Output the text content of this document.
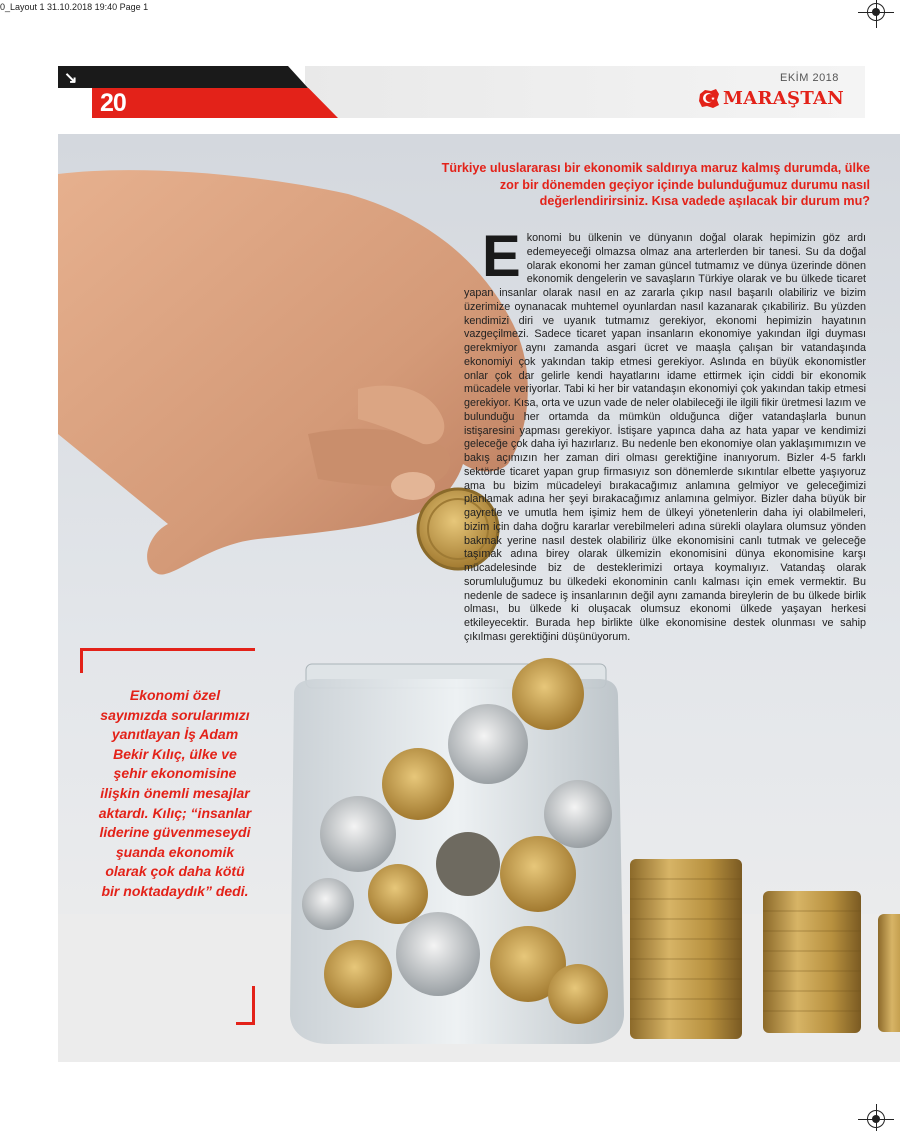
0_Layout 1 31.10.2018 19:40 Page 1
↘
20
EKİM 2018
MARAŞTAN
Türkiye uluslararası bir ekonomik saldırıya maruz kalmış durumda, ülke zor bir dönemden geçiyor içinde bulunduğumuz durumu nasıl değerlendirirsiniz. Kısa vadede aşılacak bir durum mu?
Ekonomi bu ülkenin ve dünyanın doğal olarak hepimizin göz ardı edemeyeceği olmazsa olmaz ana arterlerden bir tanesi. Su da doğal olarak ekonomi her zaman güncel tutmamız ve dünya üzerinde dönen ekonomik dengelerin ve savaşların Türkiye olarak ve bu ülkede ticaret yapan insanlar olarak nasıl en az zararla çıkıp nasıl başarılı olabiliriz ve bizim üzerimize oynanacak muhtemel oyunlardan nasıl kazanarak çıkabiliriz. Bu yüzden kendimizi diri ve uyanık tutmamız gerekiyor, ekonomi hepimizin hayatının vazgeçilmezi. Sadece ticaret yapan insanların ekonomiye yakından ilgi duyması gerekmiyor aynı zamanda asgari ücret ve maaşla çalışan bir vatandaşında ekonomiyi çok yakından takip etmesi gerekiyor. Aslında en büyük ekonomistler onlar çok dar gelirle kendi hayatlarını idame ettirmek için ciddi bir ekonomik mücadele veriyorlar. Tabi ki her bir vatandaşın ekonomiyi çok yakından takip etmesi gerekiyor. Kısa, orta ve uzun vade de neler olabileceği ile ilgili fikir üretmesi lazım ve bulunduğu her ortamda da mümkün olduğunca diğer vatandaşlarla bunun istişaresini yapması gerekiyor. İstişare yapınca daha az hata yapar ve kendimizi geleceğe çok daha iyi hazırlarız. Bu nedenle ben ekonomiye olan yaklaşımımızın ve bakış açımızın her zaman diri olması gerektiğine inanıyorum. Bizler 4-5 farklı sektörde ticaret yapan grup firmasıyız son dönemlerde sıkıntılar elbette yaşıyoruz ama bu bizim mücadeleyi bırakacağımız anlamına gelmiyor ve geleceğimizi planlamak adına her şeyi bırakacağımız anlamına gelmiyor. Bizler daha büyük bir gayretle ve umutla hem işimiz hem de ülkeyi yönetenlerin daha iyi olabilmeleri, bizim için daha doğru kararlar verebilmeleri adına sürekli olaylara olumsuz yönden bakmak yerine nasıl destek olabiliriz ülke ekonomisini canlı tutmak ve geleceğe taşımak adına birey olarak ülkemizin ekonomisini dünya ekonomisine karşı mücadelesinde biz de desteklerimizi ortaya koymalıyız. Vatandaş olarak sorumluluğumuz bu ülkedeki ekonominin canlı kalması için emek vermektir. Bu nedenle de sadece iş insanlarının değil aynı zamanda bireylerin de bu ülkede birlik olması, bu ülkede ki oluşacak olumsuz ekonomi ülkede yaşayan herkesi etkileyecektir. Burada hep birlikte ülke ekonomisine destek olunması ve sahip çıkılması gerektiğini düşünüyorum.
Ekonomi özel sayımızda sorularımızı yanıtlayan İş Adam Bekir Kılıç, ülke ve şehir ekonomisine ilişkin önemli mesajlar aktardı. Kılıç; “insanlar liderine güvenmeseydi şuanda ekonomik olarak çok daha kötü bir noktadaydık” dedi.
